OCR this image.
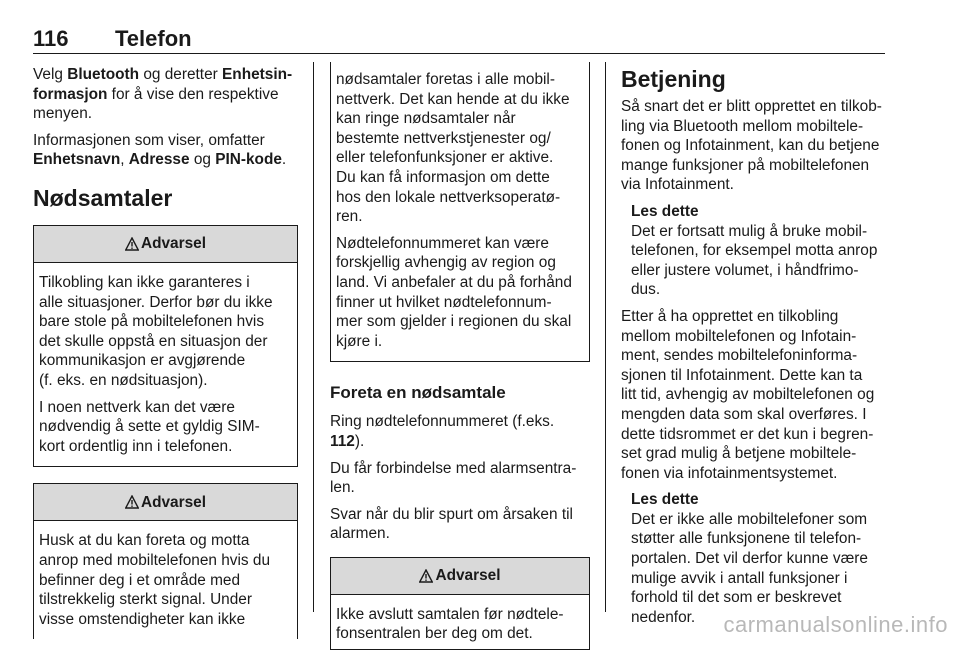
116 Telefon

Velg Bluetooth og deretter Enhetsin-
formasjon for å vise den respektive
menyen.

Informasjonen som viser, omfatter
Enhetsnavn, Adresse og PIN-kode.

Nødsamtaler
Advarsel

Tilkobling kan ikke garanteres i
alle situasjoner. Derfor bør du ikke
bare stole på mobiltelefonen hvis
det skulle oppstå en situasjon der
kommunikasjon er avgjørende
(f. eks. en nødsituasjon).

I noen nettverk kan det være
nødvendig å sette et gyldig SIM-
kort ordentlig inn i telefonen.

Advarsel

Husk at du kan foreta og motta
anrop med mobiltelefonen hvis du
befinner deg i et område med
tilstrekkelig sterkt signal. Under
visse omstendigheter kan ikke

nødsamtaler foretas i alle mobil-
nettverk. Det kan hende at du ikke
kan ringe nødsamtaler når
bestemte nettverkstjenester og/
eller telefonfunksjoner er aktive.
Du kan få informasjon om dette
hos den lokale nettverksoperatø-
ren.

Nødtelefonnummeret kan være
forskjellig avhengig av region og
land. Vi anbefaler at du på forhånd
finner ut hvilket nødtelefonnum-
mer som gjelder i regionen du skal
kjøre i.

Foreta en nødsamtale

Ring nødtelefonnummeret (f.eks.
112).

Du får forbindelse med alarmsentra-
len.

Svar når du blir spurt om årsaken til
alarmen.

Advarsel

Ikke avslutt samtalen før nødtele-
fonsentralen ber deg om det.

Betjening

Så snart det er blitt opprettet en tilkob-
ling via Bluetooth mellom mobiltele-
fonen og Infotainment, kan du betjene
mange funksjoner på mobiltelefonen
via Infotainment.

Les dette
Det er fortsatt mulig å bruke mobil-
telefonen, for eksempel motta anrop
eller justere volumet, i håndfrimo-
dus.

Etter å ha opprettet en tilkobling
mellom mobiltelefonen og Infotain-
ment, sendes mobiltelefoninforma-
sjonen til Infotainment. Dette kan ta
litt tid, avhengig av mobiltelefonen og
mengden data som skal overføres. I
dette tidsrommet er det kun i begren-
set grad mulig å betjene mobiltele-
fonen via infotainmentsystemet.

Les dette
Det er ikke alle mobiltelefoner som
støtter alle funksjonene til telefon-
portalen. Det vil derfor kunne være
mulige avvik i antall funksjoner i
forhold til det som er beskrevet
nedenfor.	carmanualsonline.info
